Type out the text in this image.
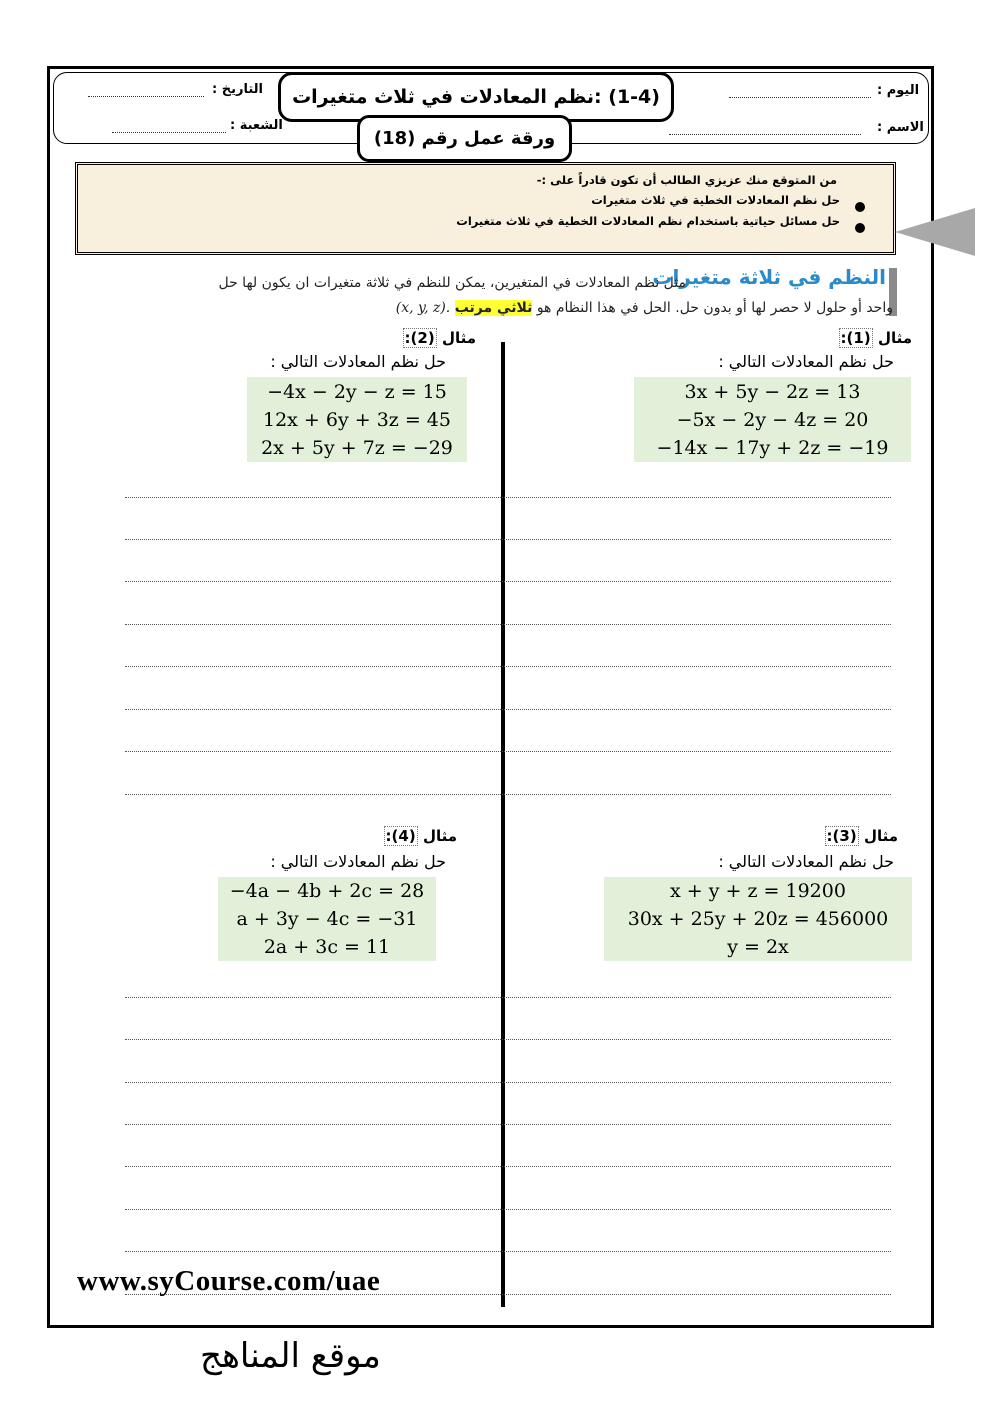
التاريخ :
الشعبة :
اليوم :
الاسم :
(1-4) :نظم المعادلات في ثلاث متغيرات
ورقة عمل رقم (18)
من المتوقع منك عزيزي الطالب أن تكون قادراً على :-
حل نظم المعادلات الخطية في ثلاث متغيرات
حل مسائل حياتية باستخدام نظم المعادلات الخطية في ثلاث متغيرات
النظم في ثلاثة متغيرات
مثل نظم المعادلات في المتغيرين، يمكن للنظم في ثلاثة متغيرات ان يكون لها حل
واحد أو حلول لا حصر لها أو بدون حل. الحل في هذا النظام هو ثلاثي مرتب (x, y, z).
مثال (1):
حل نظم المعادلات التالي :
3x + 5y − 2z = 13
−5x − 2y − 4z = 20
−14x − 17y + 2z = −19
مثال (2):
حل نظم المعادلات التالي :
−4x − 2y − z = 15
12x + 6y + 3z = 45
2x + 5y + 7z = −29
مثال (3):
حل نظم المعادلات التالي :
x + y + z = 19200
30x + 25y + 20z = 456000
y = 2x
مثال (4):
حل نظم المعادلات التالي :
−4a − 4b + 2c = 28
a + 3y − 4c = −31
2a + 3c = 11
www.syCourse.com/uae
موقع المناهج
